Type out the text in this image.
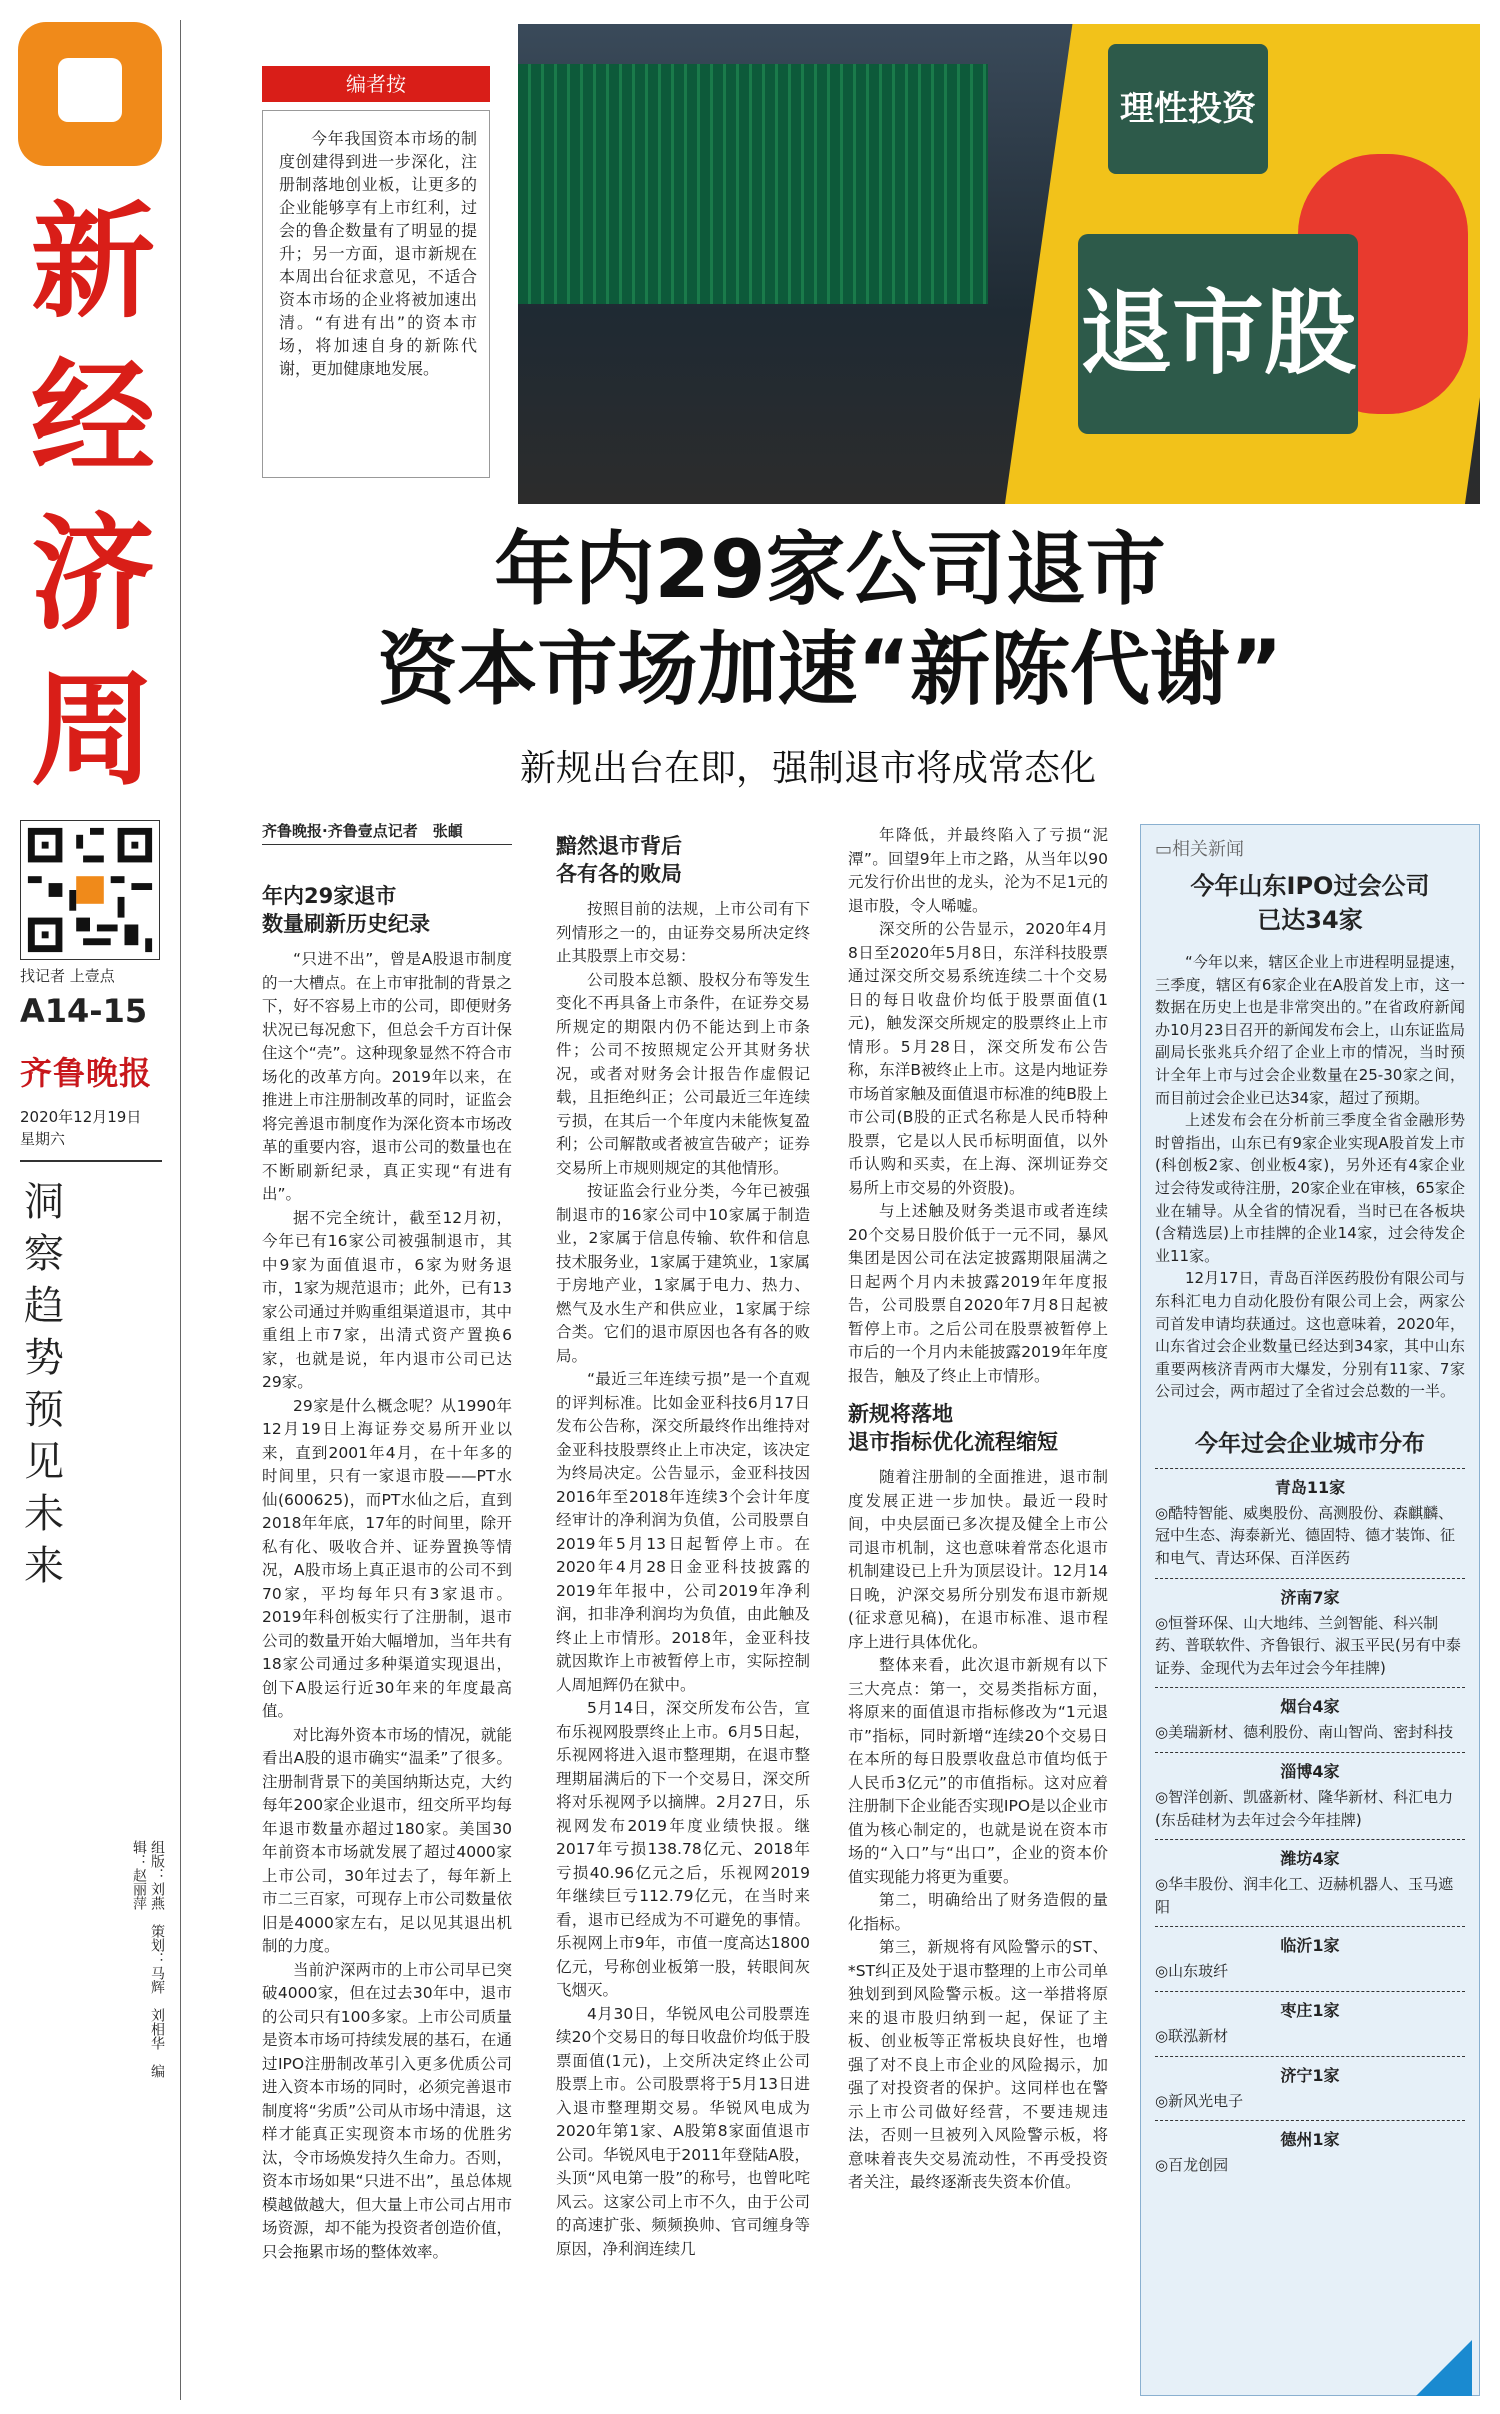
新
经
济
周

找记者 上壹点
A14-15
齐鲁晚报
2020年12月19日
星期六
洞
察
趋
势
预
见
未
来
组版：刘燕　策划：马辉　刘相华　编辑：赵丽萍
编者按

今年我国资本市场的制度创建得到进一步深化，注册制落地创业板，让更多的企业能够享有上市红利，过会的鲁企数量有了明显的提升；另一方面，退市新规在本周出台征求意见，不适合资本市场的企业将被加速出清。“有进有出”的资本市场，将加速自身的新陈代谢，更加健康地发展。

理性投资
退市股
年内29家公司退市
资本市场加速“新陈代谢”
新规出台在即，强制退市将成常态化
齐鲁晚报·齐鲁壹点记者　张頔
年内29家退市
数量刷新历史纪录

“只进不出”，曾是A股退市制度的一大槽点。在上市审批制的背景之下，好不容易上市的公司，即便财务状况已每况愈下，但总会千方百计保住这个“壳”。这种现象显然不符合市场化的改革方向。2019年以来，在推进上市注册制改革的同时，证监会将完善退市制度作为深化资本市场改革的重要内容，退市公司的数量也在不断刷新纪录，真正实现“有进有出”。

据不完全统计，截至12月初，今年已有16家公司被强制退市，其中9家为面值退市，6家为财务退市，1家为规范退市；此外，已有13家公司通过并购重组渠道退市，其中重组上市7家，出清式资产置换6家，也就是说，年内退市公司已达29家。

29家是什么概念呢？从1990年12月19日上海证券交易所开业以来，直到2001年4月，在十年多的时间里，只有一家退市股——PT水仙(600625)，而PT水仙之后，直到2018年年底，17年的时间里，除开私有化、吸收合并、证券置换等情况，A股市场上真正退市的公司不到70家，平均每年只有3家退市。2019年科创板实行了注册制，退市公司的数量开始大幅增加，当年共有18家公司通过多种渠道实现退出，创下A股运行近30年来的年度最高值。

对比海外资本市场的情况，就能看出A股的退市确实“温柔”了很多。注册制背景下的美国纳斯达克，大约每年200家企业退市，纽交所平均每年退市数量亦超过180家。美国30年前资本市场就发展了超过4000家上市公司，30年过去了，每年新上市二三百家，可现存上市公司数量依旧是4000家左右，足以见其退出机制的力度。

当前沪深两市的上市公司早已突破4000家，但在过去30年中，退市的公司只有100多家。上市公司质量是资本市场可持续发展的基石，在通过IPO注册制改革引入更多优质公司进入资本市场的同时，必须完善退市制度将“劣质”公司从市场中清退，这样才能真正实现资本市场的优胜劣汰，令市场焕发持久生命力。否则，资本市场如果“只进不出”，虽总体规模越做越大，但大量上市公司占用市场资源，却不能为投资者创造价值，只会拖累市场的整体效率。

黯然退市背后
各有各的败局

按照目前的法规，上市公司有下列情形之一的，由证券交易所决定终止其股票上市交易：

公司股本总额、股权分布等发生变化不再具备上市条件，在证券交易所规定的期限内仍不能达到上市条件；公司不按照规定公开其财务状况，或者对财务会计报告作虚假记载，且拒绝纠正；公司最近三年连续亏损，在其后一个年度内未能恢复盈利；公司解散或者被宣告破产；证券交易所上市规则规定的其他情形。

按证监会行业分类，今年已被强制退市的16家公司中10家属于制造业，2家属于信息传输、软件和信息技术服务业，1家属于建筑业，1家属于房地产业，1家属于电力、热力、燃气及水生产和供应业，1家属于综合类。它们的退市原因也各有各的败局。

“最近三年连续亏损”是一个直观的评判标准。比如金亚科技6月17日发布公告称，深交所最终作出维持对金亚科技股票终止上市决定，该决定为终局决定。公告显示，金亚科技因2016年至2018年连续3个会计年度经审计的净利润为负值，公司股票自2019年5月13日起暂停上市。在2020年4月28日金亚科技披露的2019年年报中，公司2019年净利润，扣非净利润均为负值，由此触及终止上市情形。2018年，金亚科技就因欺诈上市被暂停上市，实际控制人周旭辉仍在狱中。

5月14日，深交所发布公告，宣布乐视网股票终止上市。6月5日起，乐视网将进入退市整理期，在退市整理期届满后的下一个交易日，深交所将对乐视网予以摘牌。2月27日，乐视网发布2019年度业绩快报。继2017年亏损138.78亿元、2018年亏损40.96亿元之后，乐视网2019年继续巨亏112.79亿元，在当时来看，退市已经成为不可避免的事情。乐视网上市9年，市值一度高达1800亿元，号称创业板第一股，转眼间灰飞烟灭。

4月30日，华锐风电公司股票连续20个交易日的每日收盘价均低于股票面值(1元)，上交所决定终止公司股票上市。公司股票将于5月13日进入退市整理期交易。华锐风电成为2020年第1家、A股第8家面值退市公司。华锐风电于2011年登陆A股，头顶“风电第一股”的称号，也曾叱咤风云。这家公司上市不久，由于公司的高速扩张、频频换帅、官司缠身等原因，净利润连续几

年降低，并最终陷入了亏损“泥潭”。回望9年上市之路，从当年以90元发行价出世的龙头，沦为不足1元的退市股，令人唏嘘。

深交所的公告显示，2020年4月8日至2020年5月8日，东洋科技股票通过深交所交易系统连续二十个交易日的每日收盘价均低于股票面值(1元)，触发深交所规定的股票终止上市情形。5月28日，深交所发布公告称，东洋B被终止上市。这是内地证券市场首家触及面值退市标准的纯B股上市公司(B股的正式名称是人民币特种股票，它是以人民币标明面值，以外币认购和买卖，在上海、深圳证券交易所上市交易的外资股)。

与上述触及财务类退市或者连续20个交易日股价低于一元不同，暴风集团是因公司在法定披露期限届满之日起两个月内未披露2019年年度报告，公司股票自2020年7月8日起被暂停上市。之后公司在股票被暂停上市后的一个月内未能披露2019年年度报告，触及了终止上市情形。

新规将落地
退市指标优化流程缩短

随着注册制的全面推进，退市制度发展正进一步加快。最近一段时间，中央层面已多次提及健全上市公司退市机制，这也意味着常态化退市机制建设已上升为顶层设计。12月14日晚，沪深交易所分别发布退市新规(征求意见稿)，在退市标准、退市程序上进行具体优化。

整体来看，此次退市新规有以下三大亮点：第一，交易类指标方面，将原来的面值退市指标修改为“1元退市”指标，同时新增“连续20个交易日在本所的每日股票收盘总市值均低于人民币3亿元”的市值指标。这对应着注册制下企业能否实现IPO是以企业市值为核心制定的，也就是说在资本市场的“入口”与“出口”，企业的资本价值实现能力将更为重要。

第二，明确给出了财务造假的量化指标。

第三，新规将有风险警示的ST、*ST纠正及处于退市整理的上市公司单独划到到风险警示板。这一举措将原来的退市股归纳到一起，保证了主板、创业板等正常板块良好性，也增强了对不良上市企业的风险揭示，加强了对投资者的保护。这同样也在警示上市公司做好经营，不要违规违法，否则一旦被列入风险警示板，将意味着丧失交易流动性，不再受投资者关注，最终逐渐丧失资本价值。

▭相关新闻
今年山东IPO过会公司
已达34家

“今年以来，辖区企业上市进程明显提速，三季度，辖区有6家企业在A股首发上市，这一数据在历史上也是非常突出的。”在省政府新闻办10月23日召开的新闻发布会上，山东证监局副局长张兆兵介绍了企业上市的情况，当时预计全年上市与过会企业数量在25-30家之间，而目前过会企业已达34家，超过了预期。

上述发布会在分析前三季度全省金融形势时曾指出，山东已有9家企业实现A股首发上市(科创板2家、创业板4家)，另外还有4家企业过会待发或待注册，20家企业在审核，65家企业在辅导。从全省的情况看，当时已在各板块(含精选层)上市挂牌的企业14家，过会待发企业11家。

12月17日，青岛百洋医药股份有限公司与东科汇电力自动化股份有限公司上会，两家公司首发申请均获通过。这也意味着，2020年，山东省过会企业数量已经达到34家，其中山东重要两核济青两市大爆发，分别有11家、7家公司过会，两市超过了全省过会总数的一半。

今年过会企业城市分布
青岛11家
◎酷特智能、威奥股份、高测股份、森麒麟、冠中生态、海泰新光、德固特、德才装饰、征和电气、青达环保、百洋医药
济南7家
◎恒誉环保、山大地纬、兰剑智能、科兴制药、普联软件、齐鲁银行、淑玉平民(另有中泰证券、金现代为去年过会今年挂牌)
烟台4家
◎美瑞新材、德利股份、南山智尚、密封科技
淄博4家
◎智洋创新、凯盛新材、隆华新材、科汇电力(东岳硅材为去年过会今年挂牌)
潍坊4家
◎华丰股份、润丰化工、迈赫机器人、玉马遮阳
临沂1家
◎山东玻纤
枣庄1家
◎联泓新材
济宁1家
◎新风光电子
德州1家
◎百龙创园
